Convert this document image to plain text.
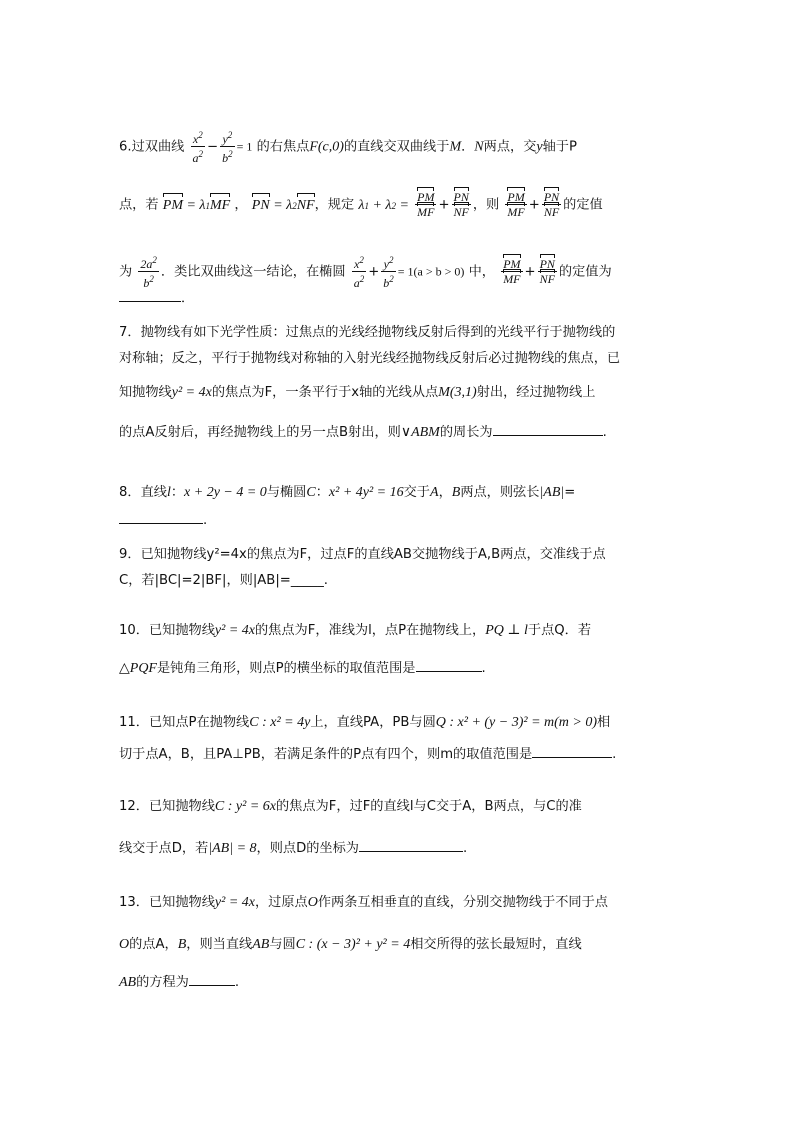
6.过双曲线 $\frac{x^2}{a^2} - \frac{y^2}{b^2} = 1$ 的右焦点F(c,0)的直线交双曲线于M．N两点，交y轴于P
点，若 PM = λ1MF ， PN = λ2NF，规定 $\lambda 1 + \lambda 2 = \frac{PM}{MF} + \frac{PN}{NF}$ ，则 $\frac{PM}{MF} + \frac{PN}{NF}$ 的定值
为 $\frac{2a^2}{b^2}$ ．类比双曲线这一结论，在椭圆 $\frac{x^2}{a^2} + \frac{y^2}{b^2} = 1(a > b > 0)$ 中， $\frac{PM}{MF} + \frac{PN}{NF}$ 的定值为
．
7．抛物线有如下光学性质：过焦点的光线经抛物线反射后得到的光线平行于抛物线的
对称轴；反之，平行于抛物线对称轴的入射光线经抛物线反射后必过抛物线的焦点，已
知抛物线y² = 4x的焦点为F，一条平行于x轴的光线从点M(3,1)射出，经过抛物线上
的点A反射后，再经抛物线上的另一点B射出，则∨ABM的周长为	.
8．直线l：x + 2y − 4 = 0与椭圆C：x² + 4y² = 16交于A，B两点，则弦长|AB|=
.
9．已知抛物线y²=4x的焦点为F，过点F的直线AB交抛物线于A,B两点，交准线于点
C，若|BC|=2|BF|，则|AB|=_____.
10．已知抛物线y² = 4x的焦点为F，准线为l，点P在抛物线上，PQ ⊥ l于点Q．若
△PQF是钝角三角形，则点P的横坐标的取值范围是	.
11．已知点P在抛物线C : x² = 4y上，直线PA，PB与圆Q : x² + (y − 3)² = m(m > 0)相
切于点A，B，且PA⊥PB，若满足条件的P点有四个，则m的取值范围是	.
12．已知抛物线C : y² = 6x的焦点为F，过F的直线l与C交于A，B两点，与C的准
线交于点D，若|AB| = 8，则点D的坐标为	.
13．已知抛物线y² = 4x，过原点O作两条互相垂直的直线，分别交抛物线于不同于点
O的点A，B，则当直线AB与圆C : (x − 3)² + y² = 4相交所得的弦长最短时，直线
AB的方程为	.
